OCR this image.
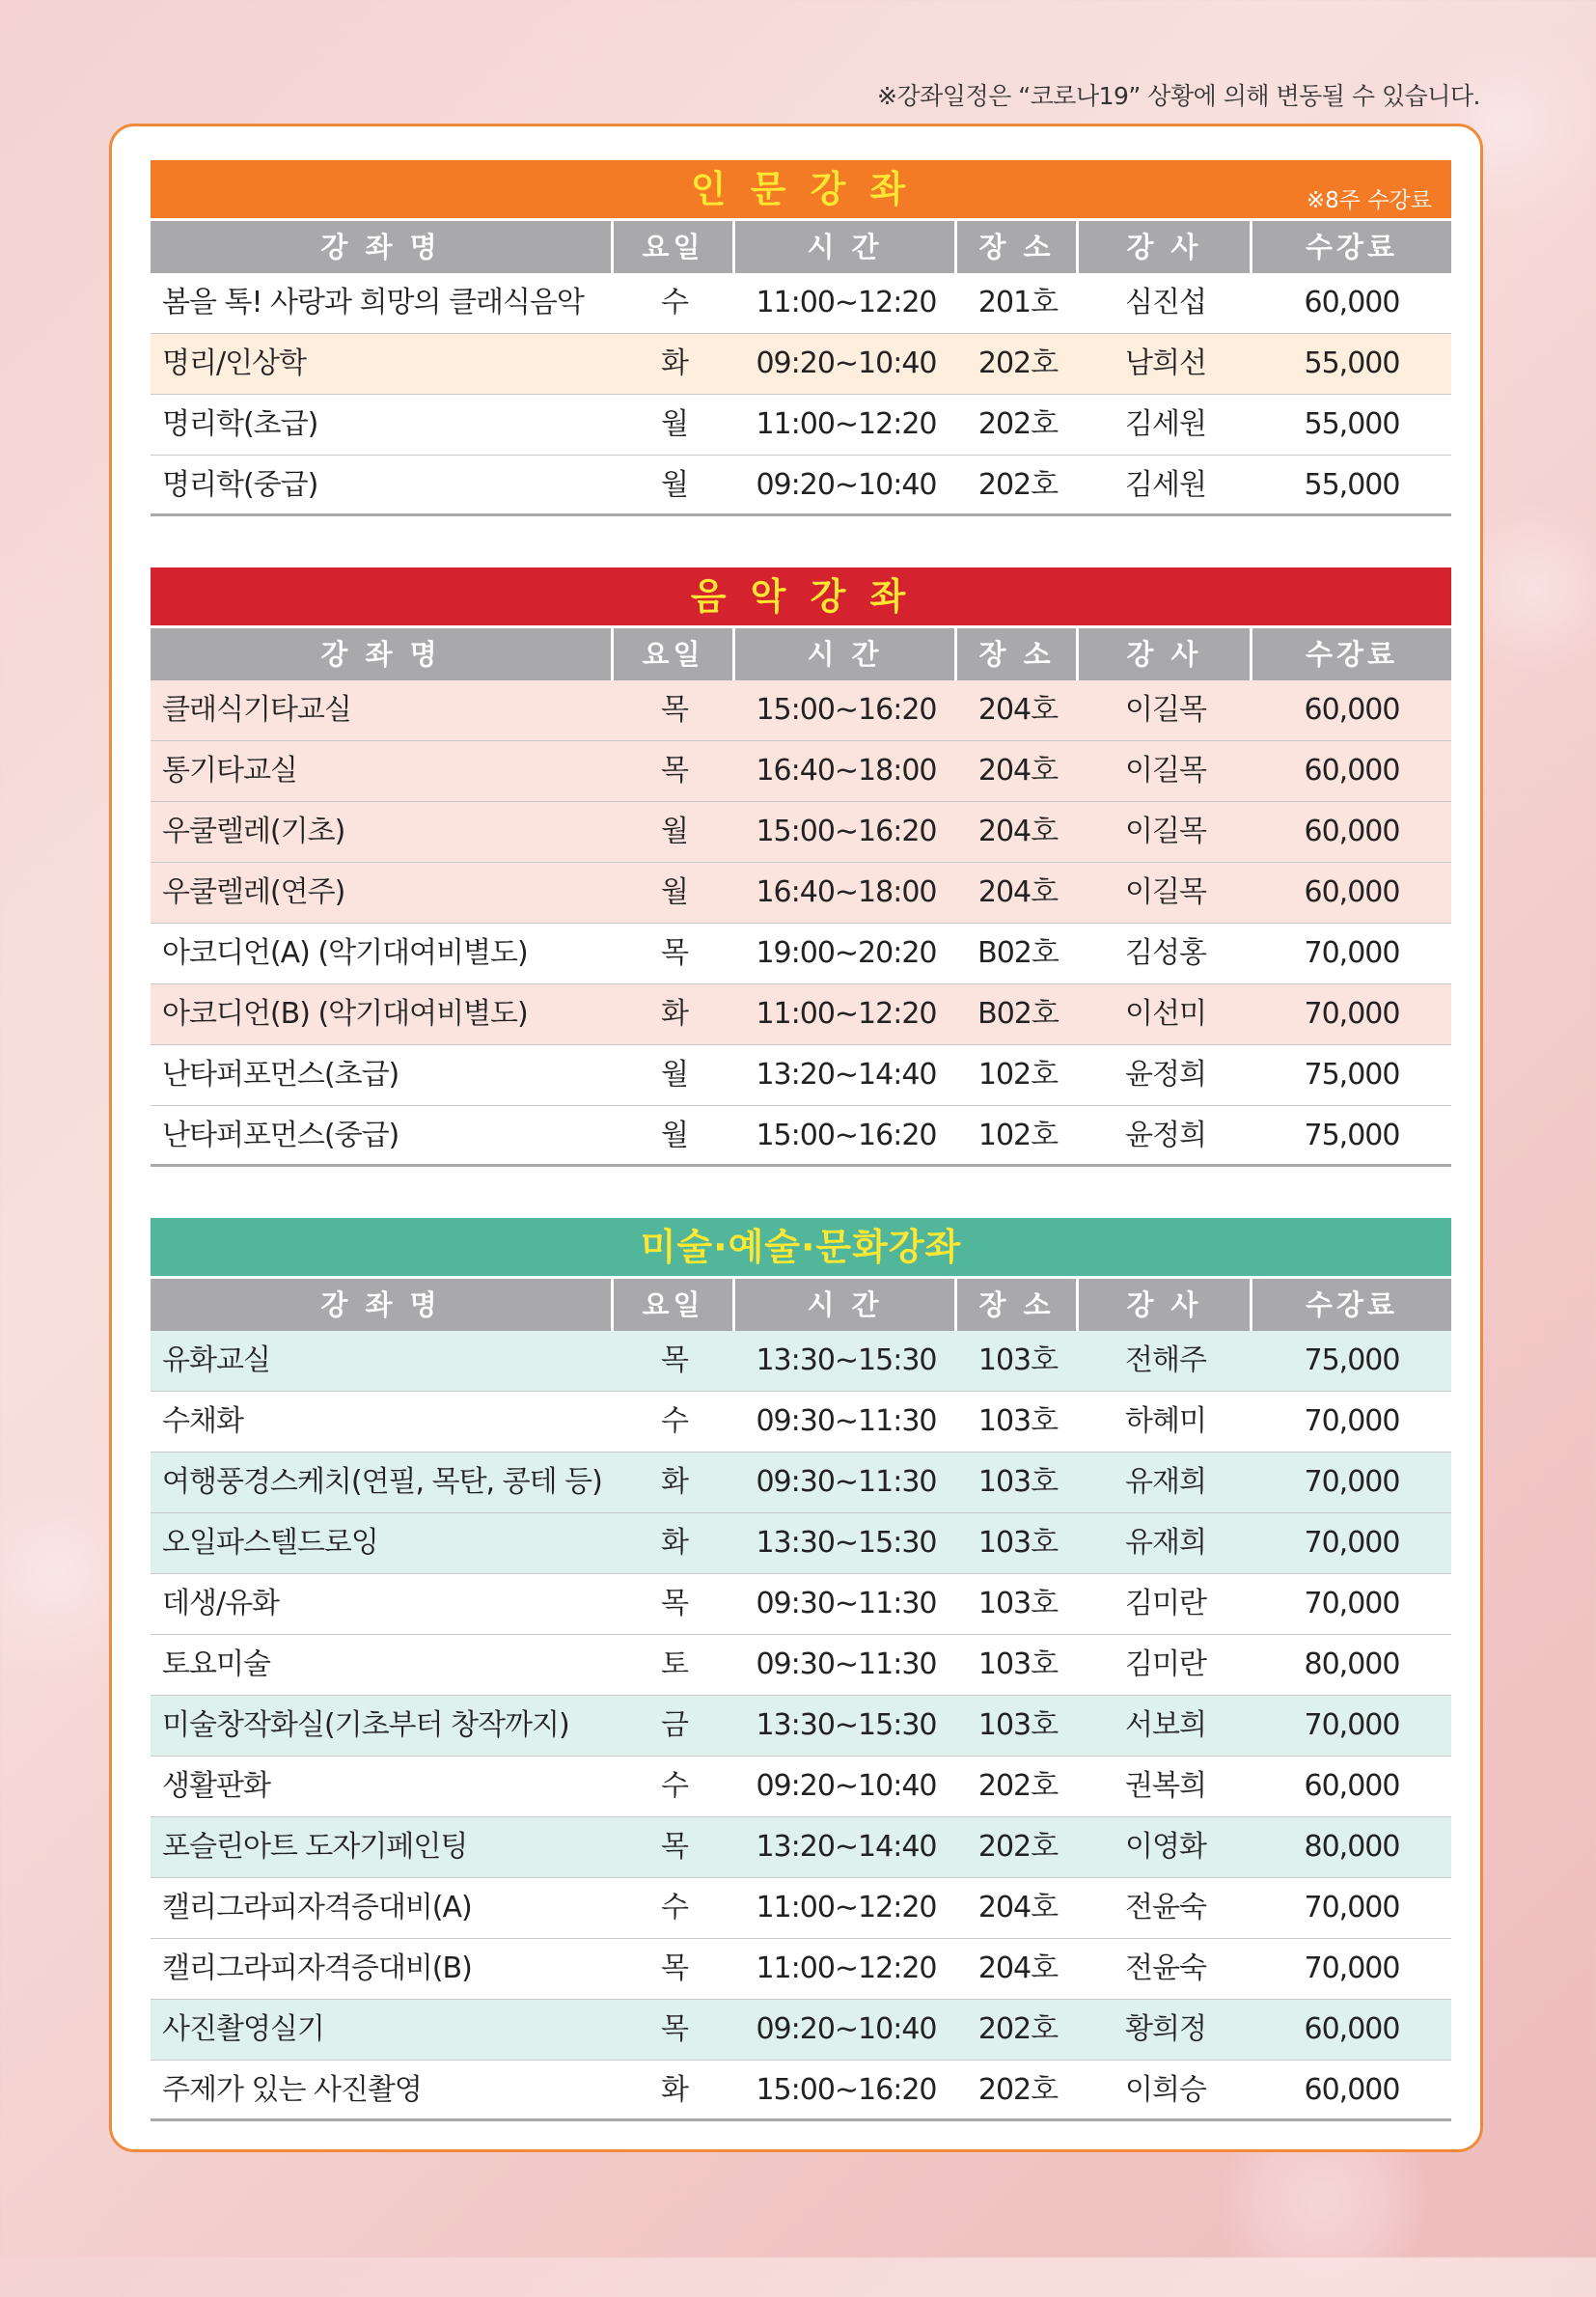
※강좌일정은 “코로나19” 상황에 의해 변동될 수 있습니다.
인 문 강 좌	※8주 수강료
강 좌 명	요일	시 간	장 소	강 사	수강료
봄을 톡! 사랑과 희망의 클래식음악	수	11:00∼12:20	201호	심진섭	60,000
명리/인상학	화	09:20∼10:40	202호	남희선	55,000
명리학(초급)	월	11:00∼12:20	202호	김세원	55,000
명리학(중급)	월	09:20∼10:40	202호	김세원	55,000
음 악 강 좌
강 좌 명	요일	시 간	장 소	강 사	수강료
클래식기타교실	목	15:00∼16:20	204호	이길목	60,000
통기타교실	목	16:40∼18:00	204호	이길목	60,000
우쿨렐레(기초)	월	15:00∼16:20	204호	이길목	60,000
우쿨렐레(연주)	월	16:40∼18:00	204호	이길목	60,000
아코디언(A) (악기대여비별도)	목	19:00∼20:20	B02호	김성홍	70,000
아코디언(B) (악기대여비별도)	화	11:00∼12:20	B02호	이선미	70,000
난타퍼포먼스(초급)	월	13:20∼14:40	102호	윤정희	75,000
난타퍼포먼스(중급)	월	15:00∼16:20	102호	윤정희	75,000
미술·예술·문화강좌
강 좌 명	요일	시 간	장 소	강 사	수강료
유화교실	목	13:30∼15:30	103호	전해주	75,000
수채화	수	09:30∼11:30	103호	하혜미	70,000
여행풍경스케치(연필, 목탄, 콩테 등)	화	09:30∼11:30	103호	유재희	70,000
오일파스텔드로잉	화	13:30∼15:30	103호	유재희	70,000
데생/유화	목	09:30∼11:30	103호	김미란	70,000
토요미술	토	09:30∼11:30	103호	김미란	80,000
미술창작화실(기초부터 창작까지)	금	13:30∼15:30	103호	서보희	70,000
생활판화	수	09:20∼10:40	202호	권복희	60,000
포슬린아트 도자기페인팅	목	13:20∼14:40	202호	이영화	80,000
캘리그라피자격증대비(A)	수	11:00∼12:20	204호	전윤숙	70,000
캘리그라피자격증대비(B)	목	11:00∼12:20	204호	전윤숙	70,000
사진촬영실기	목	09:20∼10:40	202호	황희정	60,000
주제가 있는 사진촬영	화	15:00∼16:20	202호	이희승	60,000
